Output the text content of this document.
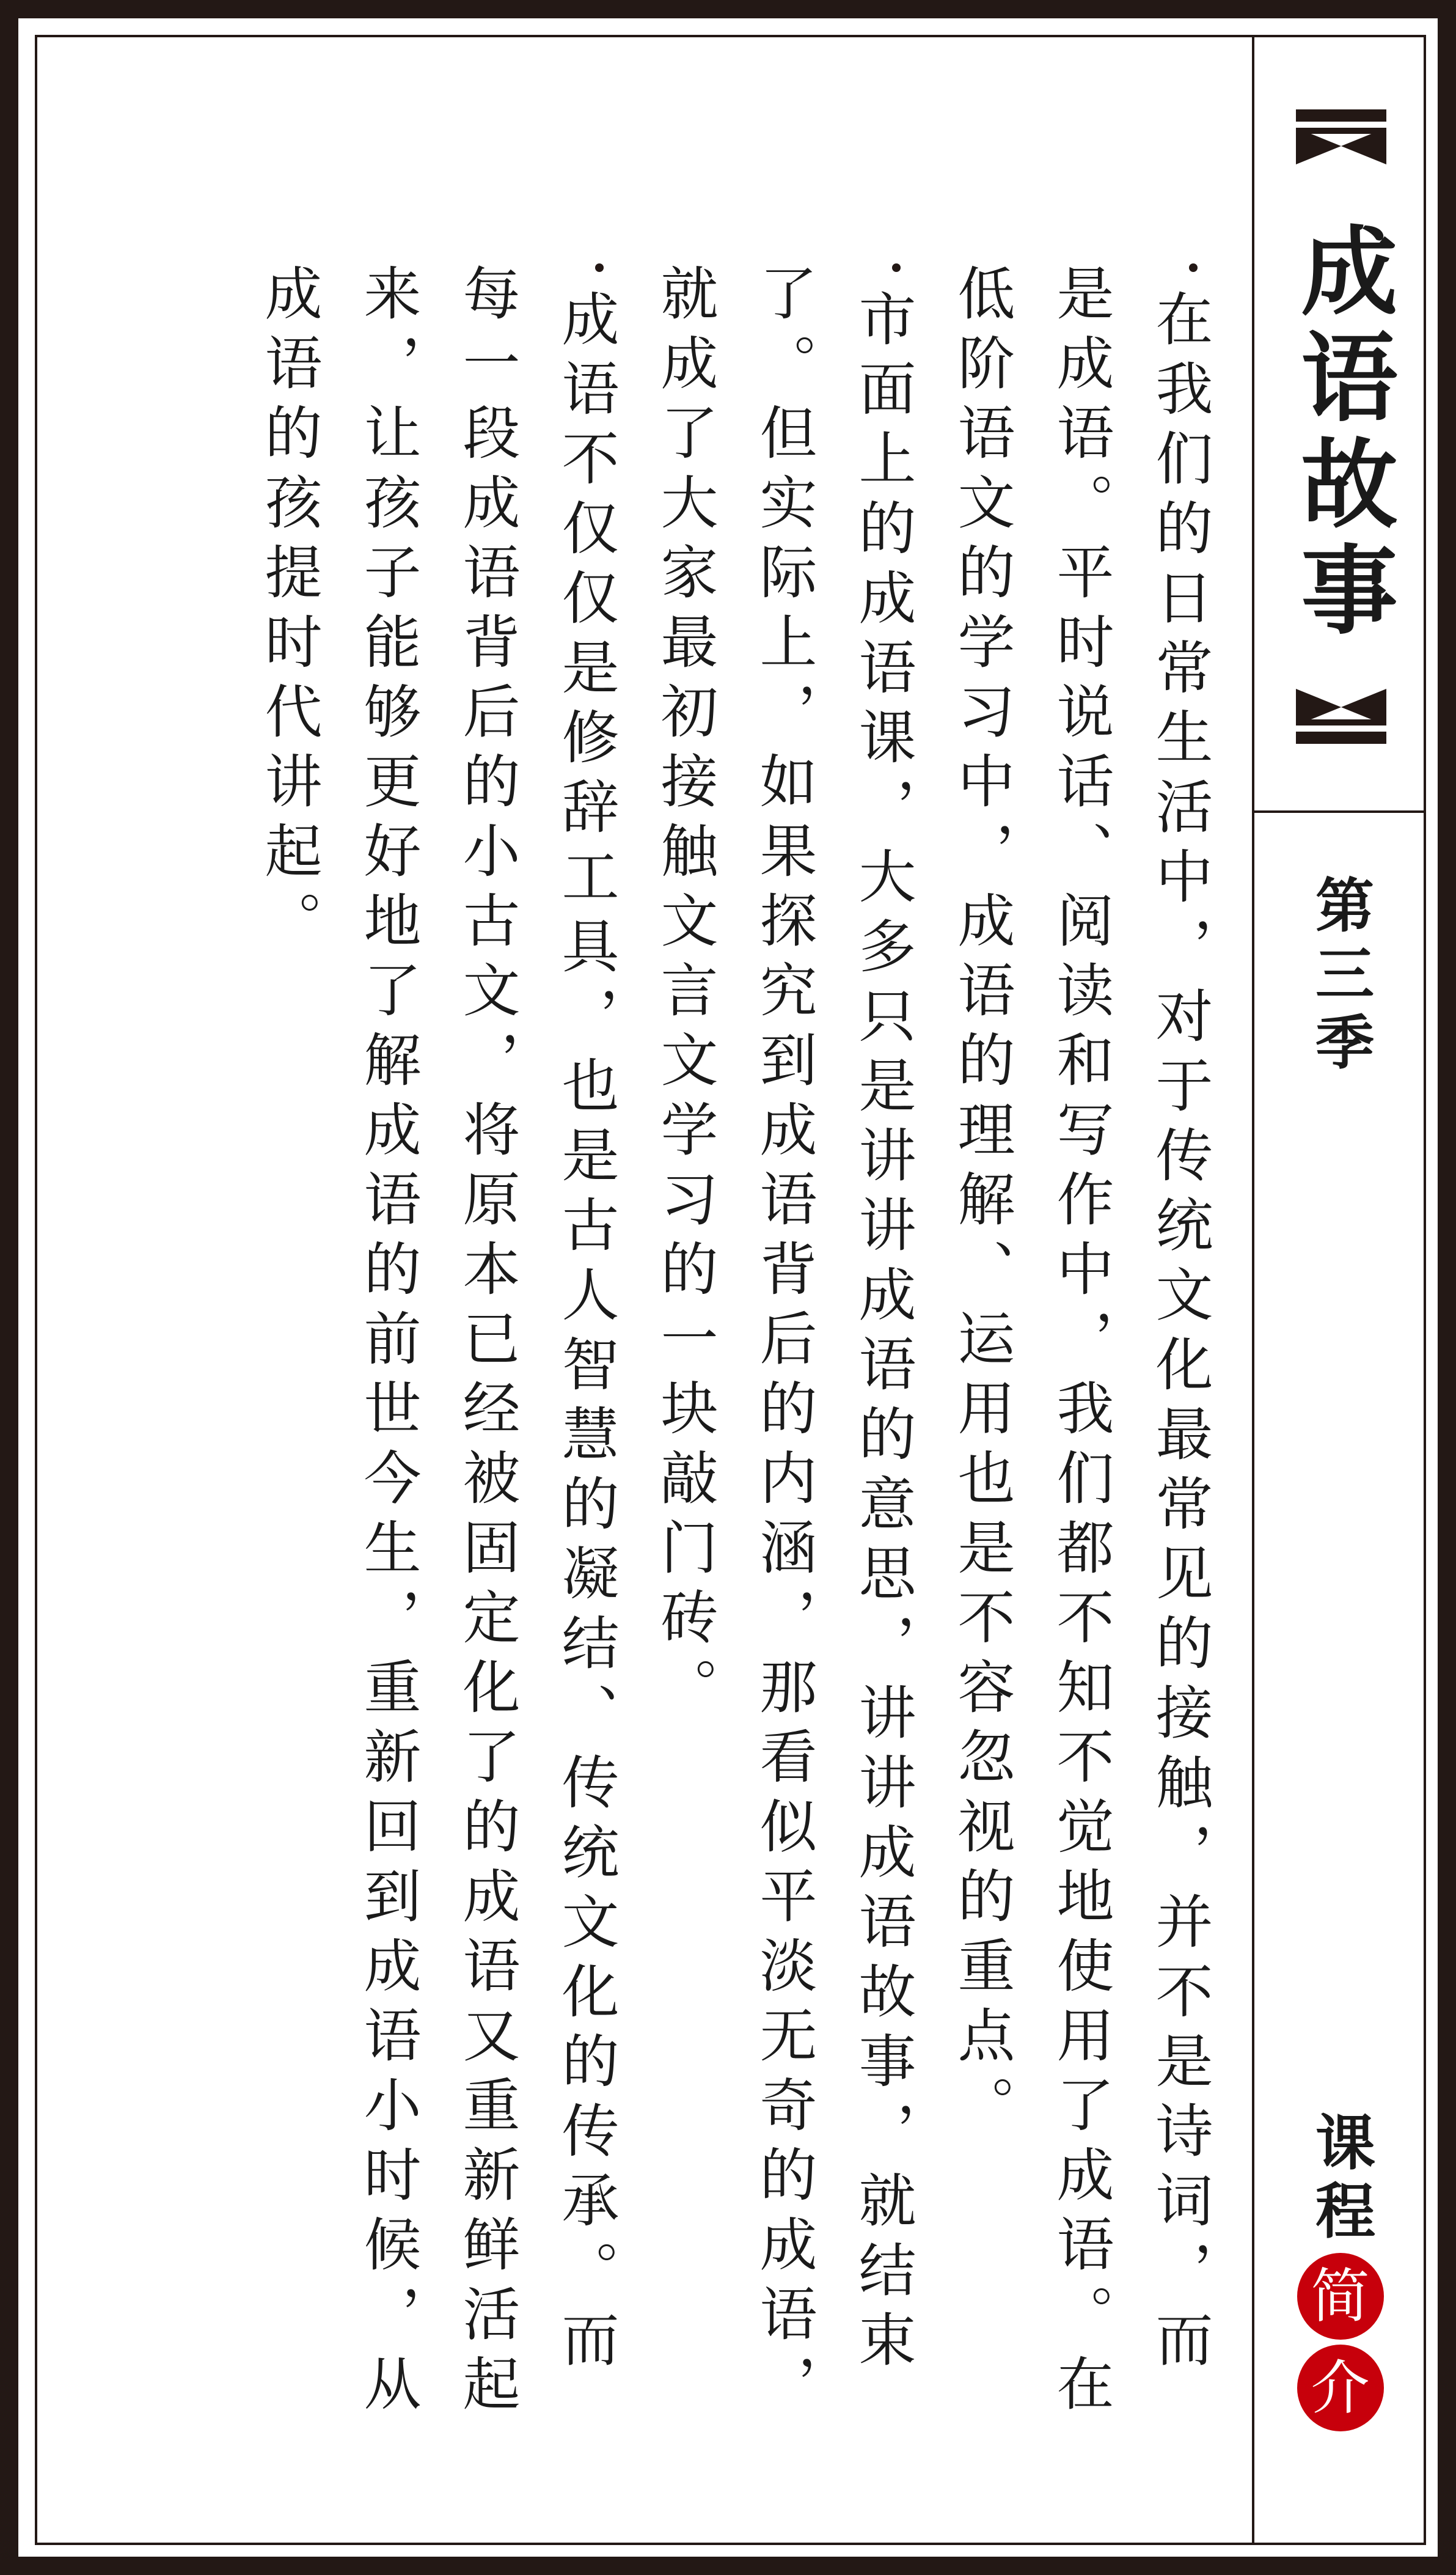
成语故事
第三季
课程
简
介

在我们的日常生活中，对于传统文化最常见的接触，并不是诗词，而是成语。平时说话、阅读和写作中，我们都不知不觉地使用了成语。在低阶语文的学习中，成语的理解、运用也是不容忽视的重点。

市面上的成语课，大多只是讲讲成语的意思，讲讲成语故事，就结束了。但实际上，如果探究到成语背后的内涵，那看似平淡无奇的成语，就成了大家最初接触文言文学习的一块敲门砖。

成语不仅仅是修辞工具，也是古人智慧的凝结、传统文化的传承。而每一段成语背后的小古文，将原本已经被固定化了的成语又重新鲜活起来，让孩子能够更好地了解成语的前世今生，重新回到成语小时候，从成语的孩提时代讲起。
